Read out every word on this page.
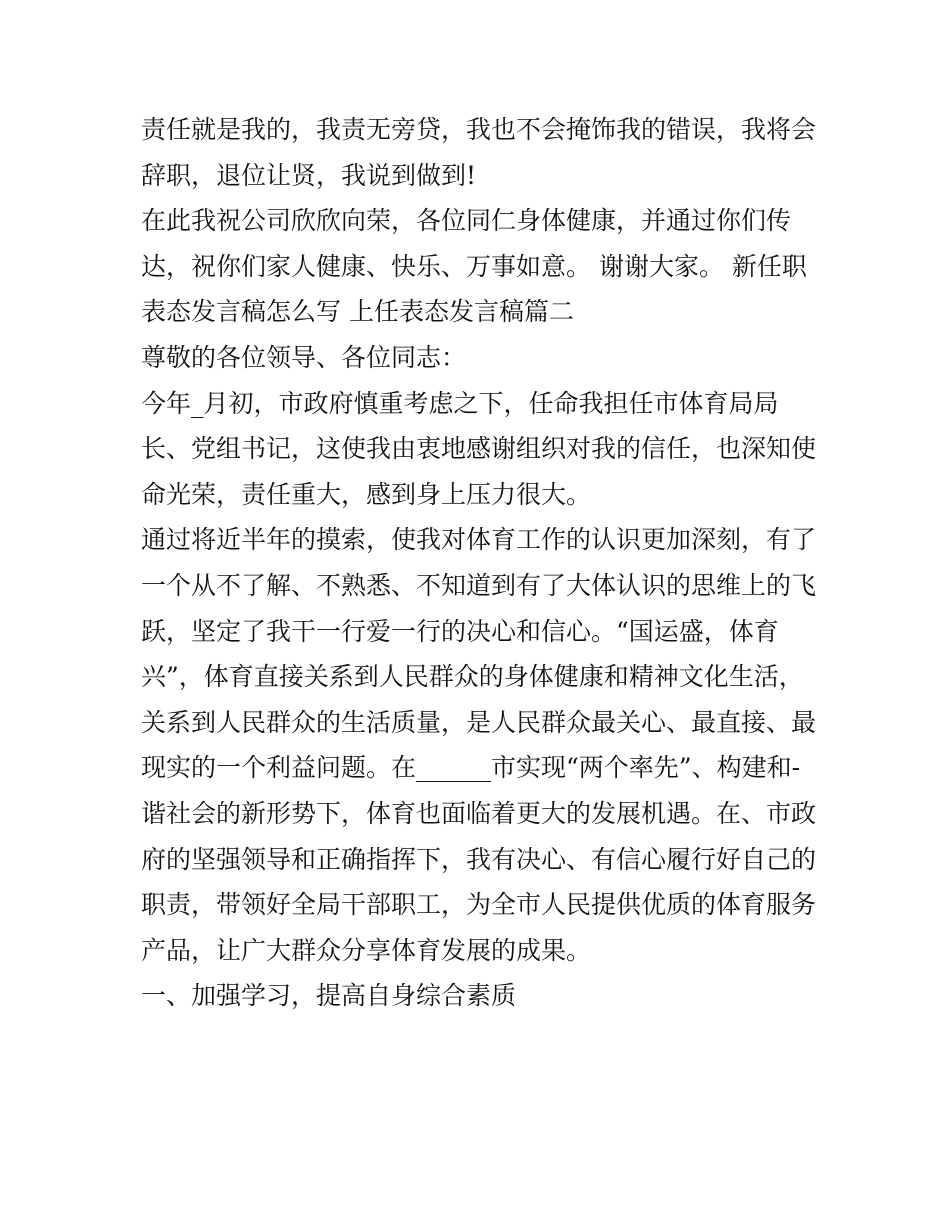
责任就是我的，我责无旁贷，我也不会掩饰我的错误，我将会

辞职，退位让贤，我说到做到!

在此我祝公司欣欣向荣，各位同仁身体健康，并通过你们传

达，祝你们家人健康、快乐、万事如意。 谢谢大家。 新任职

表态发言稿怎么写 上任表态发言稿篇二

尊敬的各位领导、各位同志：

今年_月初，市政府慎重考虑之下，任命我担任市体育局局

长、党组书记，这使我由衷地感谢组织对我的信任，也深知使

命光荣，责任重大，感到身上压力很大。

通过将近半年的摸索，使我对体育工作的认识更加深刻，有了

一个从不了解、不熟悉、不知道到有了大体认识的思维上的飞

跃，坚定了我干一行爱一行的决心和信心。“国运盛，体育

兴”，体育直接关系到人民群众的身体健康和精神文化生活，

关系到人民群众的生活质量，是人民群众最关心、最直接、最

现实的一个利益问题。在______市实现“两个率先”、构建和-

谐社会的新形势下，体育也面临着更大的发展机遇。在、市政

府的坚强领导和正确指挥下，我有决心、有信心履行好自己的

职责，带领好全局干部职工，为全市人民提供优质的体育服务

产品，让广大群众分享体育发展的成果。

一、加强学习，提高自身综合素质
